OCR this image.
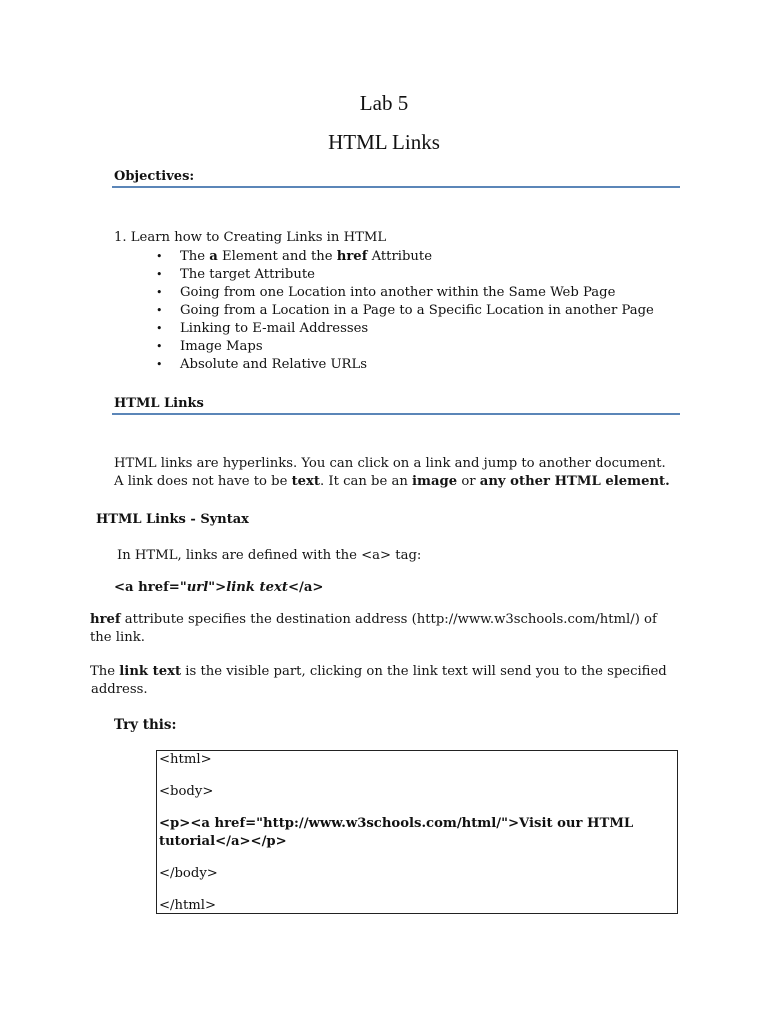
Lab 5
HTML Links
Objectives:
1. Learn how to Creating Links in HTML
• The a Element and the href Attribute
• The target Attribute
• Going from one Location into another within the Same Web Page
• Going from a Location in a Page to a Specific Location in another Page
• Linking to E-mail Addresses
• Image Maps
• Absolute and Relative URLs
HTML Links
HTML links are hyperlinks. You can click on a link and jump to another document.
A link does not have to be text. It can be an image or any other HTML element.
HTML Links - Syntax
In HTML, links are defined with the <a> tag:
<a href="url">link text</a>
href attribute specifies the destination address (http://www.w3schools.com/html/) of
the link.
The link text is the visible part, clicking on the link text will send you to the specified
address.
Try this:
<html>
<body>
<p><a href="http://www.w3schools.com/html/">Visit our HTML
tutorial</a></p>
</body>
</html>
